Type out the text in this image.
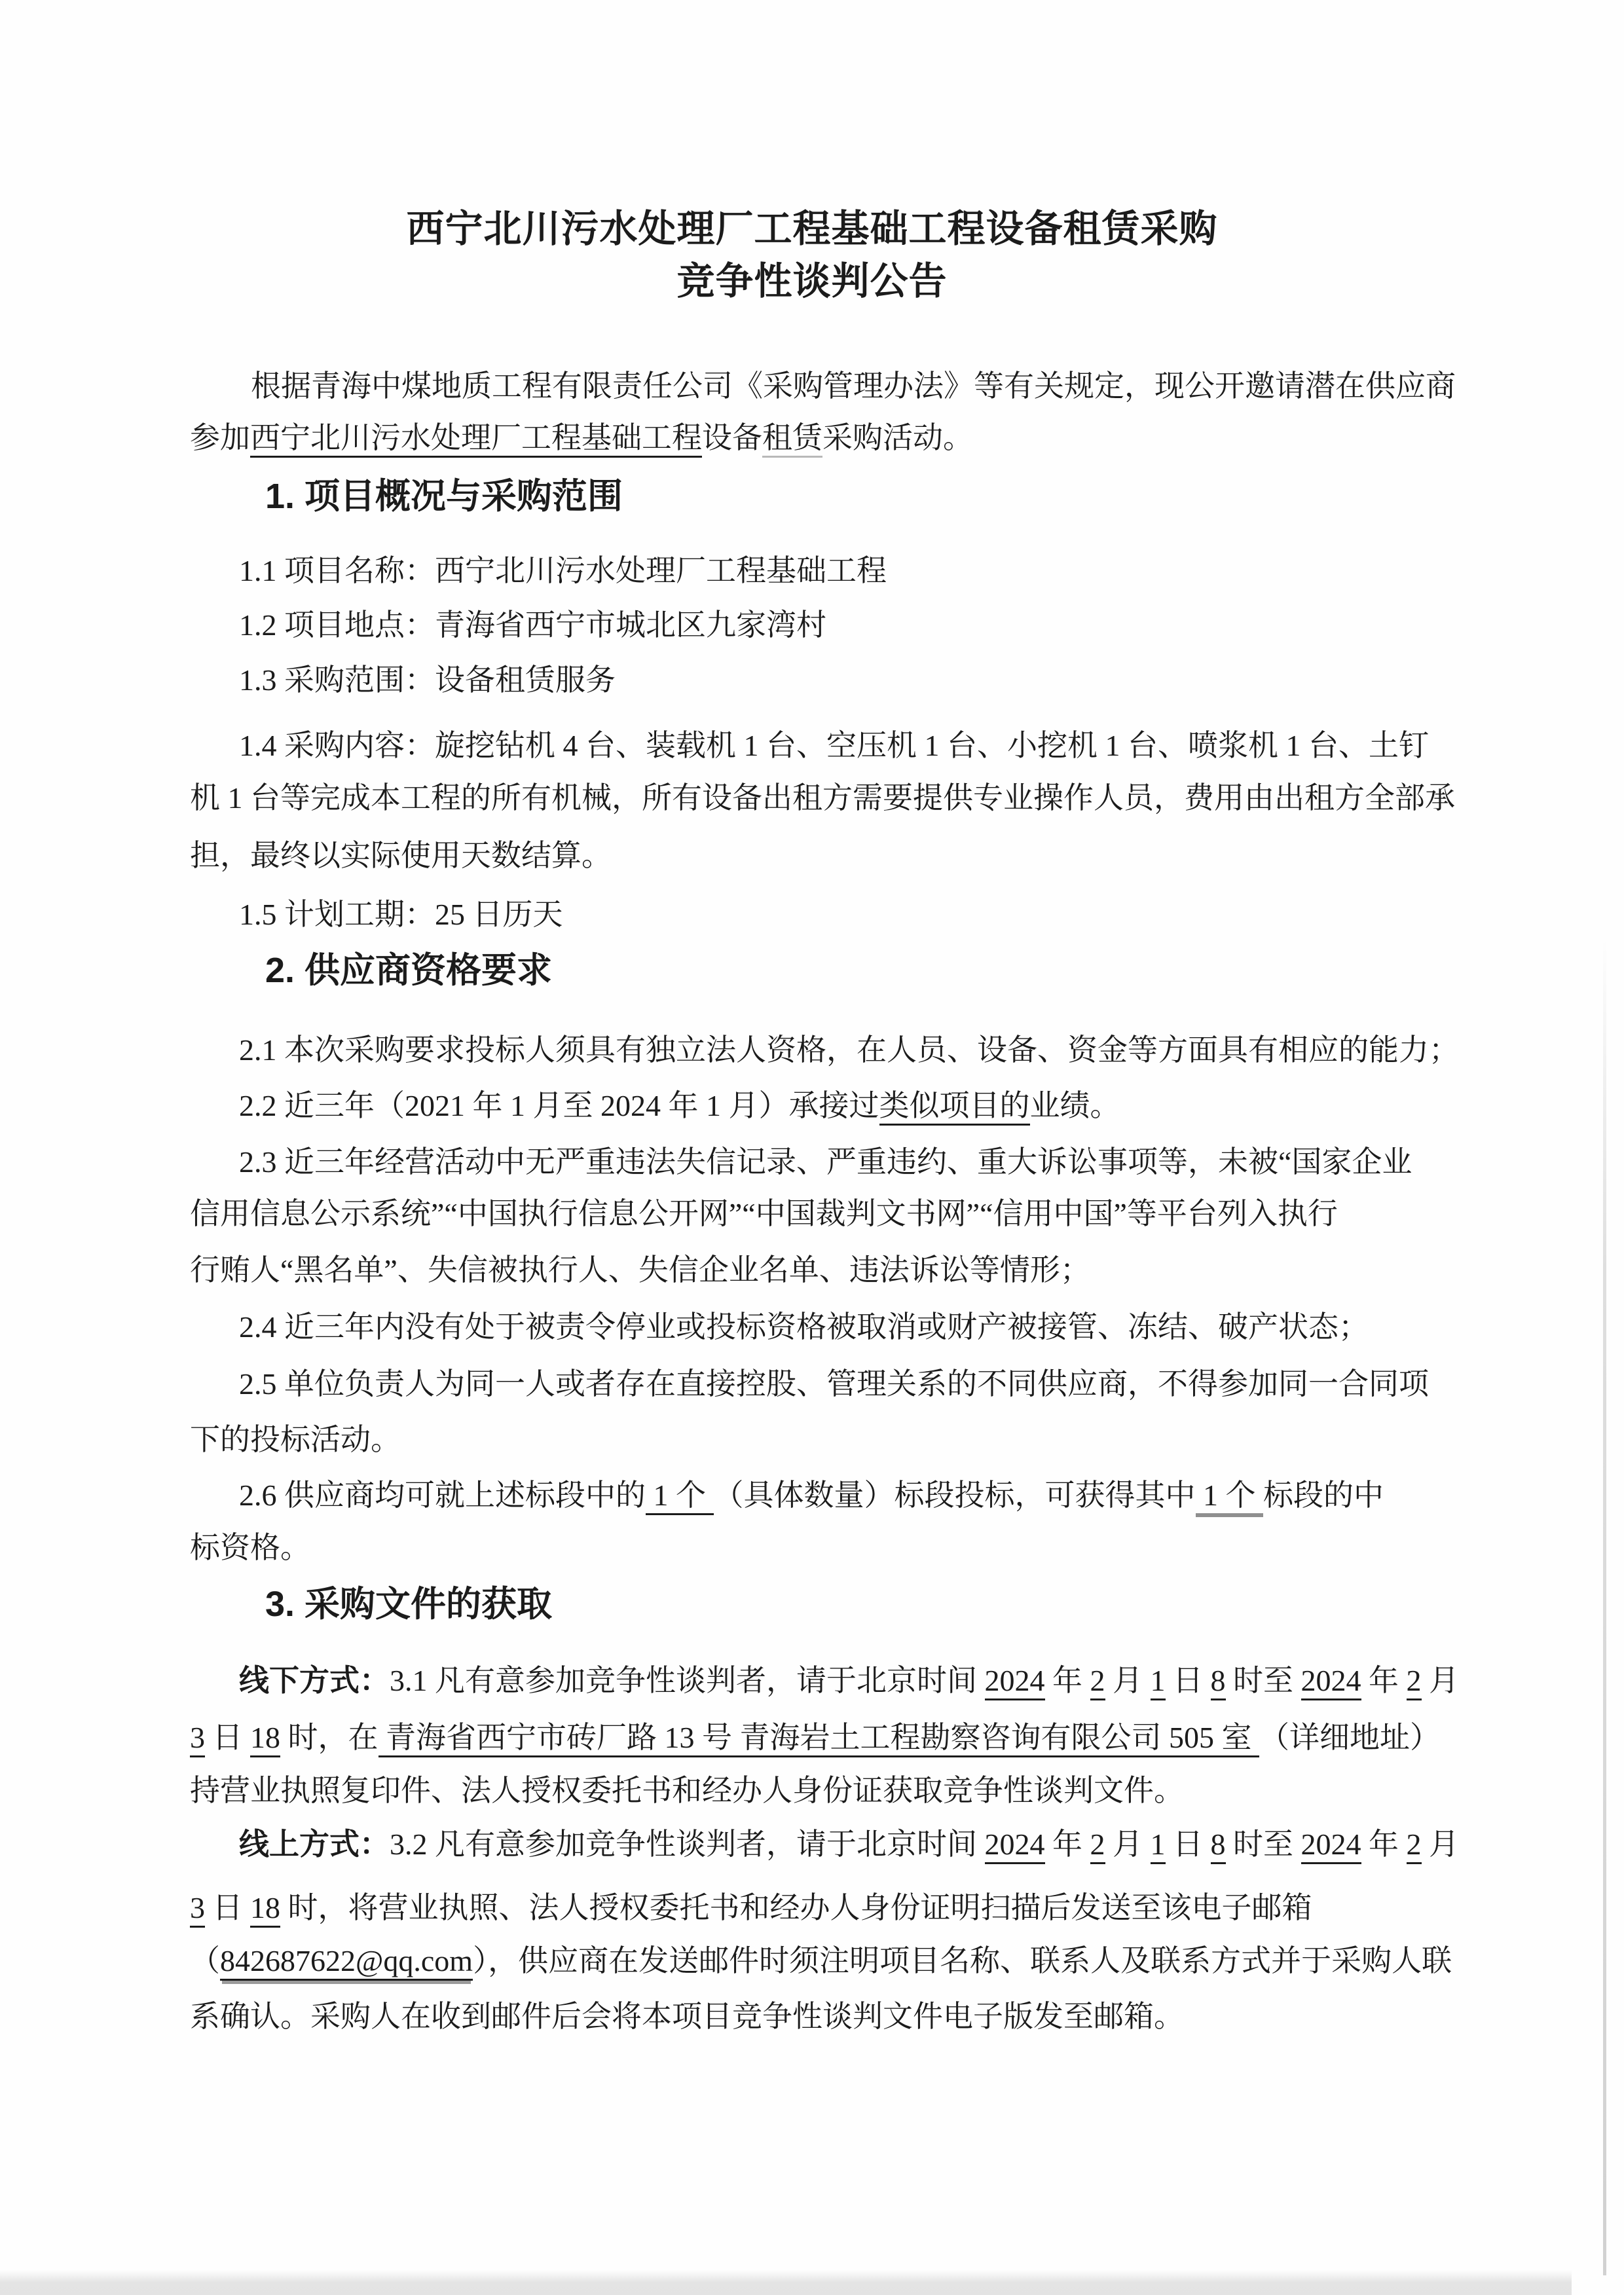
西宁北川污水处理厂工程基础工程设备租赁采购
竞争性谈判公告

根据青海中煤地质工程有限责任公司《采购管理办法》等有关规定，现公开邀请潜在供应商

参加西宁北川污水处理厂工程基础工程设备租赁采购活动。

1. 项目概况与采购范围

1.1 项目名称：西宁北川污水处理厂工程基础工程

1.2 项目地点：青海省西宁市城北区九家湾村

1.3 采购范围：设备租赁服务

1.4 采购内容：旋挖钻机 4 台、装载机 1 台、空压机 1 台、小挖机 1 台、喷浆机 1 台、土钉

机 1 台等完成本工程的所有机械，所有设备出租方需要提供专业操作人员，费用由出租方全部承

担，最终以实际使用天数结算。

1.5 计划工期：25 日历天

2. 供应商资格要求

2.1 本次采购要求投标人须具有独立法人资格，在人员、设备、资金等方面具有相应的能力；

2.2 近三年（2021 年 1 月至 2024 年 1 月）承接过类似项目的业绩。

2.3 近三年经营活动中无严重违法失信记录、严重违约、重大诉讼事项等，未被“国家企业

信用信息公示系统”“中国执行信息公开网”“中国裁判文书网”“信用中国”等平台列入执行

行贿人“黑名单”、失信被执行人、失信企业名单、违法诉讼等情形；

2.4 近三年内没有处于被责令停业或投标资格被取消或财产被接管、冻结、破产状态；

2.5 单位负责人为同一人或者存在直接控股、管理关系的不同供应商，不得参加同一合同项

下的投标活动。

2.6 供应商均可就上述标段中的 1 个 （具体数量）标段投标，可获得其中 1 个 标段的中

标资格。

3. 采购文件的获取

线下方式：3.1 凡有意参加竞争性谈判者，请于北京时间 2024 年 2 月 1 日 8 时至 2024 年 2 月

3 日 18 时，在 青海省西宁市砖厂路 13 号 青海岩土工程勘察咨询有限公司 505 室 （详细地址）

持营业执照复印件、法人授权委托书和经办人身份证获取竞争性谈判文件。

线上方式：3.2 凡有意参加竞争性谈判者，请于北京时间 2024 年 2 月 1 日 8 时至 2024 年 2 月

3 日 18 时，将营业执照、法人授权委托书和经办人身份证明扫描后发送至该电子邮箱

（842687622@qq.com），供应商在发送邮件时须注明项目名称、联系人及联系方式并于采购人联

系确认。采购人在收到邮件后会将本项目竞争性谈判文件电子版发至邮箱。
